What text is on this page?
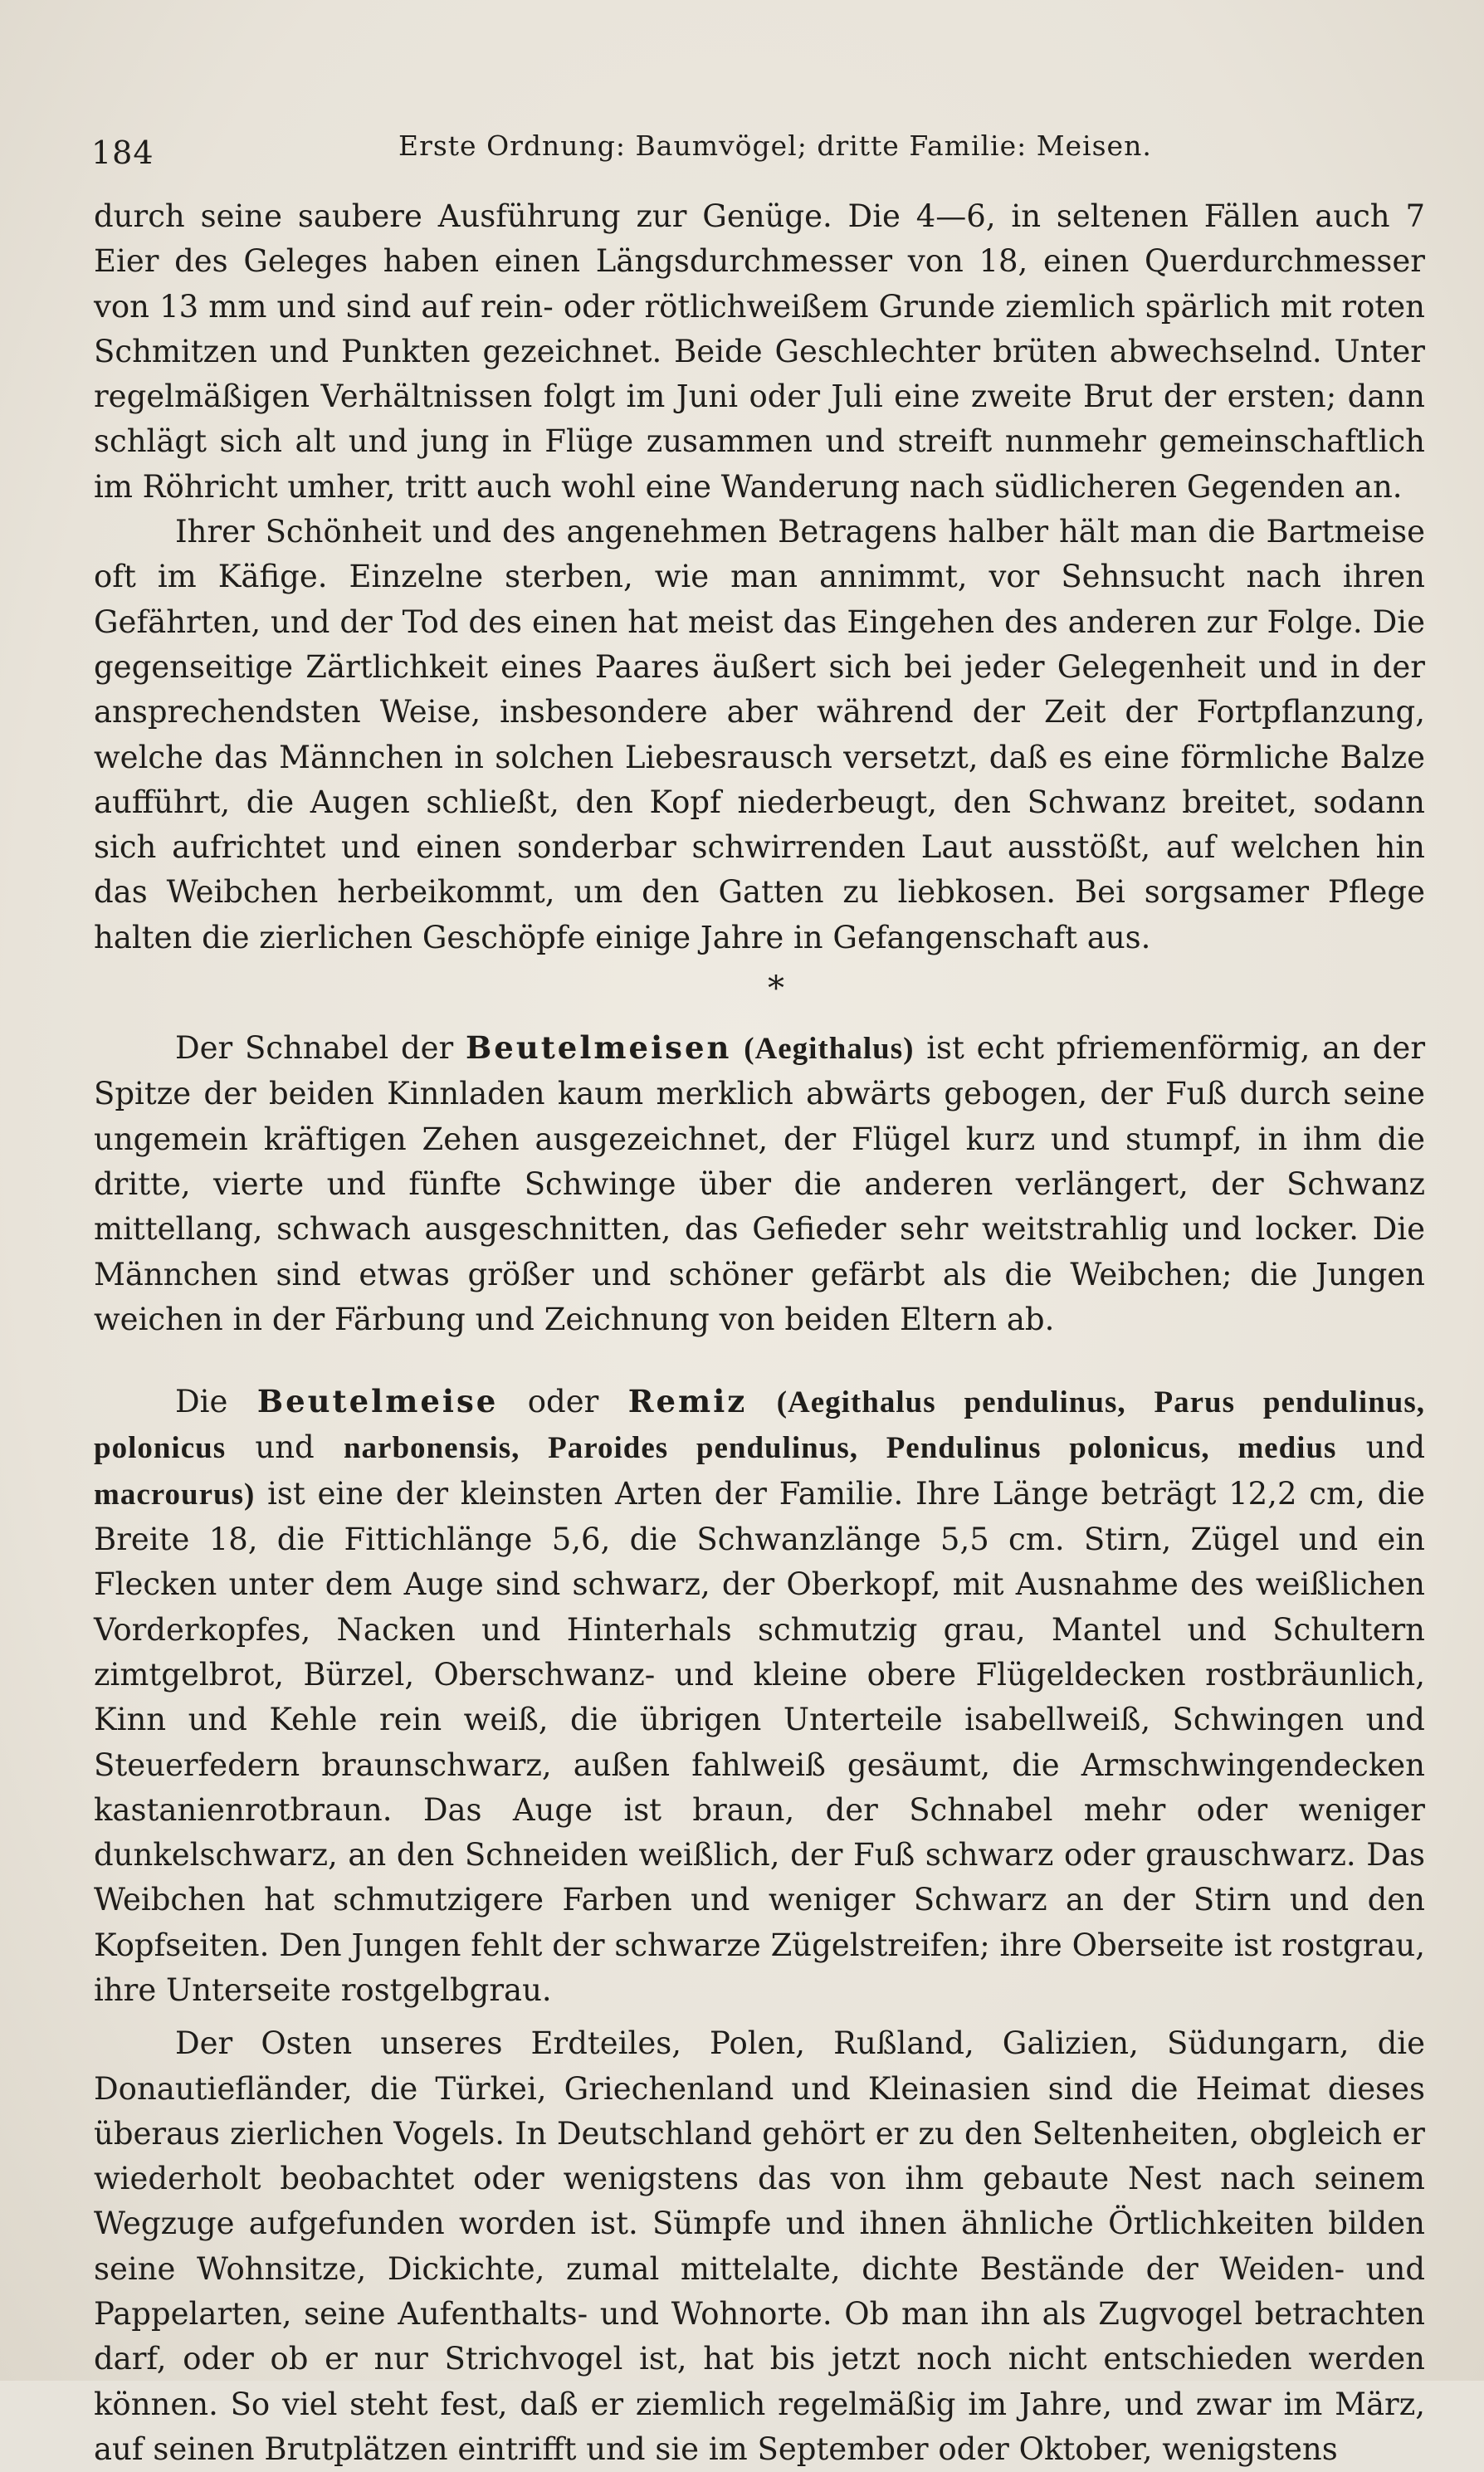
184	Erste Ordnung: Baumvögel; dritte Familie: Meisen.

durch seine saubere Ausführung zur Genüge. Die 4—6, in seltenen Fällen auch 7 Eier des Geleges haben einen Längsdurchmesser von 18, einen Querdurchmesser von 13 mm und sind auf rein- oder rötlichweißem Grunde ziemlich spärlich mit roten Schmitzen und Punkten gezeichnet. Beide Geschlechter brüten abwechselnd. Unter regelmäßigen Verhältnissen folgt im Juni oder Juli eine zweite Brut der ersten; dann schlägt sich alt und jung in Flüge zusammen und streift nunmehr gemeinschaftlich im Röhricht umher, tritt auch wohl eine Wanderung nach südlicheren Gegenden an.

Ihrer Schönheit und des angenehmen Betragens halber hält man die Bartmeise oft im Käfige. Einzelne sterben, wie man annimmt, vor Sehnsucht nach ihren Gefährten, und der Tod des einen hat meist das Eingehen des anderen zur Folge. Die gegenseitige Zärtlichkeit eines Paares äußert sich bei jeder Gelegenheit und in der ansprechendsten Weise, insbesondere aber während der Zeit der Fortpflanzung, welche das Männchen in solchen Liebesrausch versetzt, daß es eine förmliche Balze aufführt, die Augen schließt, den Kopf niederbeugt, den Schwanz breitet, sodann sich aufrichtet und einen sonderbar schwirrenden Laut ausstößt, auf welchen hin das Weibchen herbeikommt, um den Gatten zu liebkosen. Bei sorgsamer Pflege halten die zierlichen Geschöpfe einige Jahre in Gefangenschaft aus.

*

Der Schnabel der Beutelmeisen (Aegithalus) ist echt pfriemenförmig, an der Spitze der beiden Kinnladen kaum merklich abwärts gebogen, der Fuß durch seine ungemein kräftigen Zehen ausgezeichnet, der Flügel kurz und stumpf, in ihm die dritte, vierte und fünfte Schwinge über die anderen verlängert, der Schwanz mittellang, schwach ausgeschnitten, das Gefieder sehr weitstrahlig und locker. Die Männchen sind etwas größer und schöner gefärbt als die Weibchen; die Jungen weichen in der Färbung und Zeichnung von beiden Eltern ab.

Die Beutelmeise oder Remiz (Aegithalus pendulinus, Parus pendulinus, polonicus und narbonensis, Paroides pendulinus, Pendulinus polonicus, medius und macrourus) ist eine der kleinsten Arten der Familie. Ihre Länge beträgt 12,2 cm, die Breite 18, die Fittichlänge 5,6, die Schwanzlänge 5,5 cm. Stirn, Zügel und ein Flecken unter dem Auge sind schwarz, der Oberkopf, mit Ausnahme des weißlichen Vorderkopfes, Nacken und Hinterhals schmutzig grau, Mantel und Schultern zimtgelbrot, Bürzel, Oberschwanz- und kleine obere Flügeldecken rostbräunlich, Kinn und Kehle rein weiß, die übrigen Unterteile isabellweiß, Schwingen und Steuerfedern braunschwarz, außen fahlweiß gesäumt, die Armschwingendecken kastanienrotbraun. Das Auge ist braun, der Schnabel mehr oder weniger dunkelschwarz, an den Schneiden weißlich, der Fuß schwarz oder grauschwarz. Das Weibchen hat schmutzigere Farben und weniger Schwarz an der Stirn und den Kopfseiten. Den Jungen fehlt der schwarze Zügelstreifen; ihre Oberseite ist rostgrau, ihre Unterseite rostgelbgrau.

Der Osten unseres Erdteiles, Polen, Rußland, Galizien, Südungarn, die Donautiefländer, die Türkei, Griechenland und Kleinasien sind die Heimat dieses überaus zierlichen Vogels. In Deutschland gehört er zu den Seltenheiten, obgleich er wiederholt beobachtet oder wenigstens das von ihm gebaute Nest nach seinem Wegzuge aufgefunden worden ist. Sümpfe und ihnen ähnliche Örtlichkeiten bilden seine Wohnsitze, Dickichte, zumal mittelalte, dichte Bestände der Weiden- und Pappelarten, seine Aufenthalts- und Wohnorte. Ob man ihn als Zugvogel betrachten darf, oder ob er nur Strichvogel ist, hat bis jetzt noch nicht entschieden werden können. So viel steht fest, daß er ziemlich regelmäßig im Jahre, und zwar im März, auf seinen Brutplätzen eintrifft und sie im September oder Oktober, wenigstens
